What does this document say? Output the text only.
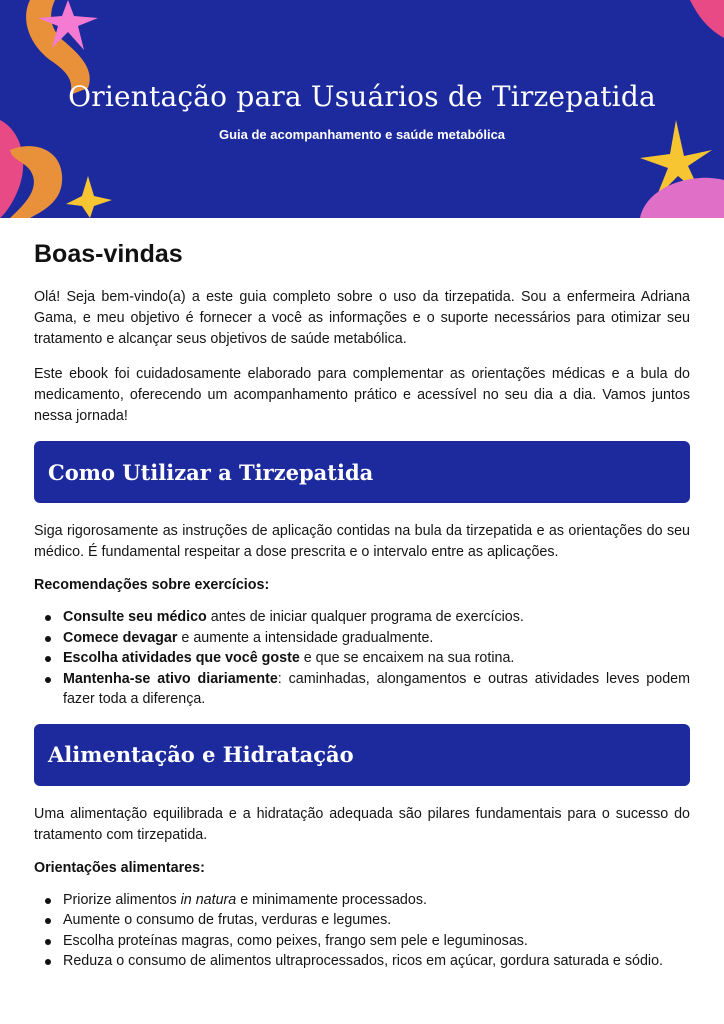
Orientação para Usuários de Tirzepatida
Guia de acompanhamento e saúde metabólica
Boas-vindas

Olá! Seja bem-vindo(a) a este guia completo sobre o uso da tirzepatida. Sou a enfermeira Adriana Gama, e meu objetivo é fornecer a você as informações e o suporte necessários para otimizar seu tratamento e alcançar seus objetivos de saúde metabólica.

Este ebook foi cuidadosamente elaborado para complementar as orientações médicas e a bula do medicamento, oferecendo um acompanhamento prático e acessível no seu dia a dia. Vamos juntos nessa jornada!

Como Utilizar a Tirzepatida

Siga rigorosamente as instruções de aplicação contidas na bula da tirzepatida e as orientações do seu médico. É fundamental respeitar a dose prescrita e o intervalo entre as aplicações.

Recomendações sobre exercícios:
Consulte seu médico antes de iniciar qualquer programa de exercícios.
Comece devagar e aumente a intensidade gradualmente.
Escolha atividades que você goste e que se encaixem na sua rotina.
Mantenha-se ativo diariamente: caminhadas, alongamentos e outras atividades leves podem fazer toda a diferença.
Alimentação e Hidratação

Uma alimentação equilibrada e a hidratação adequada são pilares fundamentais para o sucesso do tratamento com tirzepatida.

Orientações alimentares:
Priorize alimentos in natura e minimamente processados.
Aumente o consumo de frutas, verduras e legumes.
Escolha proteínas magras, como peixes, frango sem pele e leguminosas.
Reduza o consumo de alimentos ultraprocessados, ricos em açúcar, gordura saturada e sódio.
